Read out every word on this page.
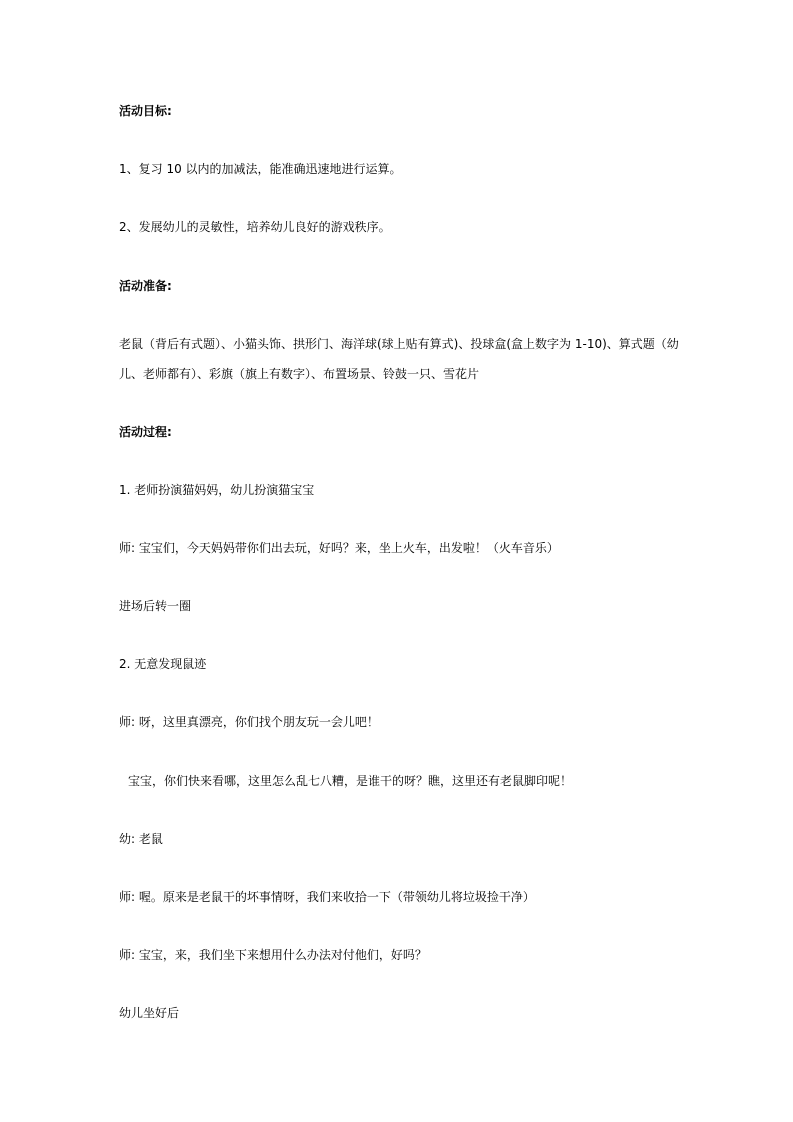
活动目标:
1、复习 10 以内的加减法，能准确迅速地进行运算。
2、发展幼儿的灵敏性，培养幼儿良好的游戏秩序。
活动准备:
老鼠（背后有式题）、小猫头饰、拱形门、海洋球(球上贴有算式)、投球盒(盒上数字为 1-10)、算式题（幼
儿、老师都有）、彩旗（旗上有数字）、布置场景、铃鼓一只、雪花片
活动过程:
1. 老师扮演猫妈妈，幼儿扮演猫宝宝
师: 宝宝们，今天妈妈带你们出去玩，好吗？来，坐上火车，出发啦！（火车音乐）
进场后转一圈
2. 无意发现鼠迹
师: 呀，这里真漂亮，你们找个朋友玩一会儿吧！
宝宝，你们快来看哪，这里怎么乱七八糟，是谁干的呀？瞧，这里还有老鼠脚印呢！
幼: 老鼠
师: 喔。原来是老鼠干的坏事情呀，我们来收拾一下（带领幼儿将垃圾捡干净）
师: 宝宝，来，我们坐下来想用什么办法对付他们，好吗？
幼儿坐好后
